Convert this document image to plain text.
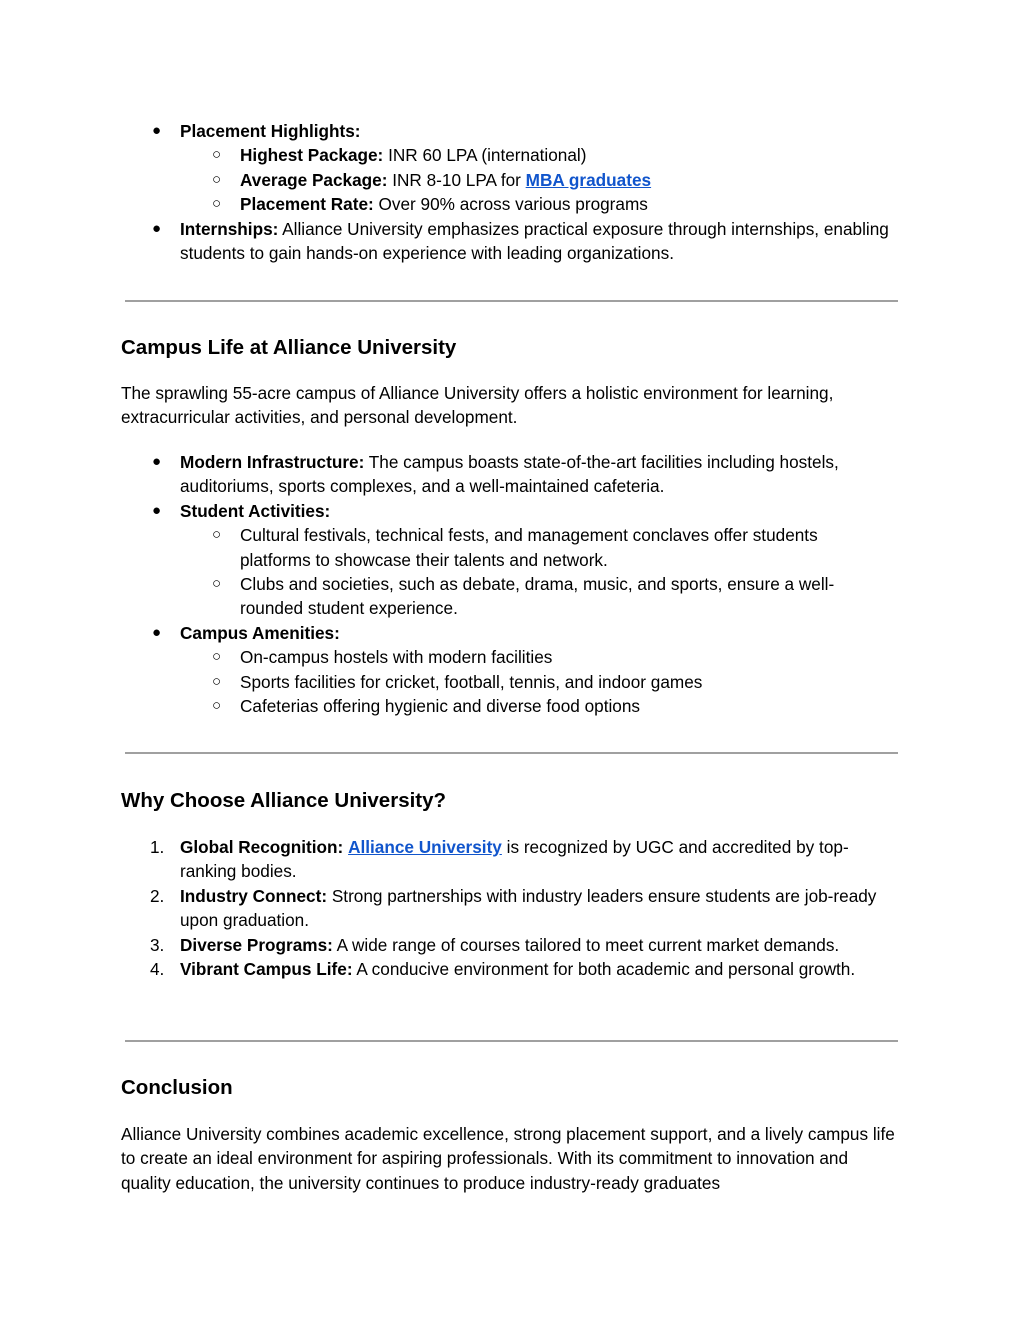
● Placement Highlights:
○ Highest Package: INR 60 LPA (international)
○ Average Package: INR 8-10 LPA for MBA graduates
○ Placement Rate: Over 90% across various programs
● Internships: Alliance University emphasizes practical exposure through internships, enabling students to gain hands-on experience with leading organizations.
Campus Life at Alliance University

The sprawling 55-acre campus of Alliance University offers a holistic environment for learning, extracurricular activities, and personal development.

● Modern Infrastructure: The campus boasts state-of-the-art facilities including hostels, auditoriums, sports complexes, and a well-maintained cafeteria.
● Student Activities:
○ Cultural festivals, technical fests, and management conclaves offer students platforms to showcase their talents and network.
○ Clubs and societies, such as debate, drama, music, and sports, ensure a well-rounded student experience.
● Campus Amenities:
○ On-campus hostels with modern facilities
○ Sports facilities for cricket, football, tennis, and indoor games
○ Cafeterias offering hygienic and diverse food options
Why Choose Alliance University?
1. Global Recognition: Alliance University is recognized by UGC and accredited by top-ranking bodies.
2. Industry Connect: Strong partnerships with industry leaders ensure students are job-ready upon graduation.
3. Diverse Programs: A wide range of courses tailored to meet current market demands.
4. Vibrant Campus Life: A conducive environment for both academic and personal growth.
Conclusion

Alliance University combines academic excellence, strong placement support, and a lively campus life to create an ideal environment for aspiring professionals. With its commitment to innovation and quality education, the university continues to produce industry-ready graduates
